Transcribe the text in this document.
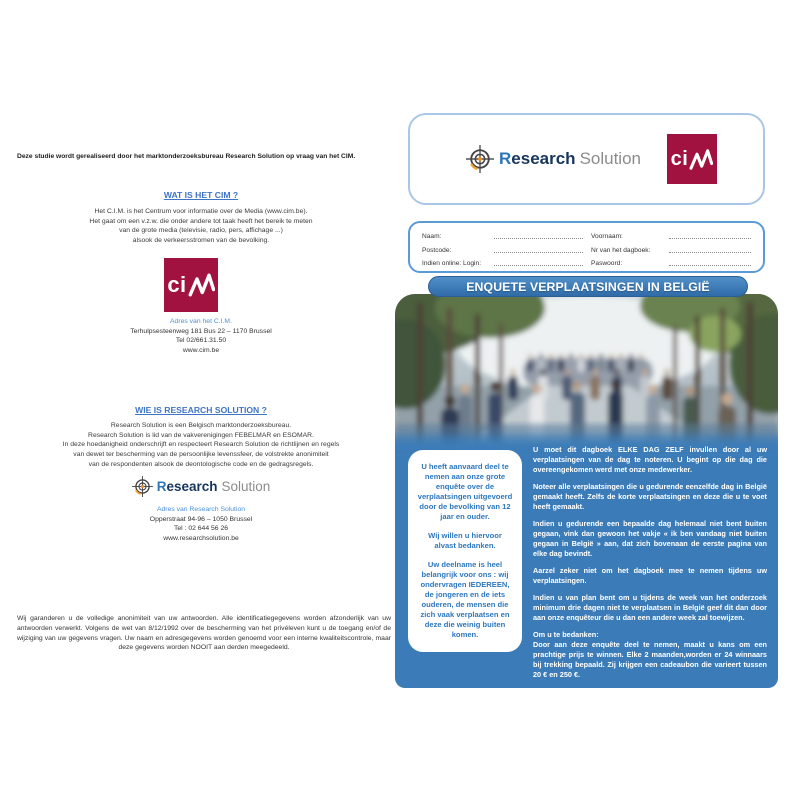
Deze studie wordt gerealiseerd door het marktonderzoeksbureau Research Solution op vraag van het CIM.

WAT IS HET CIM ?
Het C.I.M. is het Centrum voor informatie over de Media (www.cim.be).
Het gaat om een v.z.w. die onder andere tot taak heeft het bereik te meten
van de grote media (televisie, radio, pers, affichage ...)
alsook de verkeersstromen van de bevolking.
ci
Adres van het C.I.M.
Terhulpsesteenweg 181 Bus 22 – 1170 Brussel
Tel 02/661.31.50
www.cim.be
WIE IS RESEARCH SOLUTION ?
Research Solution is een Belgisch marktonderzoeksbureau.
Research Solution is lid van de vakverenigingen FEBELMAR en ESOMAR.
In deze hoedanigheid onderschrijft en respecteert Research Solution de richtlijnen en regels
van dewet ter bescherming van de persoonlijke levenssfeer, de volstrekte anonimiteit
van de respondenten alsook de deontologische code en de gedragsregels.
R esearch Solution
Adres van Research Solution
Opperstraat 94-96 – 1050 Brussel
Tel : 02 644 56 26
www.researchsolution.be

Wij garanderen u de volledige anonimiteit van uw antwoorden. Alle identificatiegegevens worden afzonderlijk van uw antwoorden verwerkt. Volgens de wet van 8/12/1992 over de bescherming van het privéleven kunt u de toegang en/of de wijziging van uw gegevens vragen. Uw naam en adresgegevens worden genoemd voor een interne kwaliteitscontrole, maar deze gegevens worden NOOIT aan derden meegedeeld.

R esearch Solution ci
Naam:	Voornaam:
Postcode:	Nr van het dagboek:
Indien online: Login:	Paswoord:
ENQUETE VERPLAATSINGEN IN BELGIË

U heeft aanvaard deel te nemen aan onze grote enquête over de verplaatsingen uitgevoerd door de bevolking van 12 jaar en ouder.

Wij willen u hiervoor alvast bedanken.

Uw deelname is heel belangrijk voor ons : wij ondervragen IEDEREEN, de jongeren en de iets ouderen, de mensen die zich vaak verplaatsen en deze die weinig buiten komen.

U moet dit dagboek ELKE DAG ZELF invullen door al uw verplaatsingen van de dag te noteren. U begint op die dag die overeengekomen werd met onze medewerker.

Noteer alle verplaatsingen die u gedurende eenzelfde dag in België gemaakt heeft. Zelfs de korte verplaatsingen en deze die u te voet heeft gemaakt.

Indien u gedurende een bepaalde dag helemaal niet bent buiten gegaan, vink dan gewoon het vakje « ik ben vandaag niet buiten gegaan in België » aan, dat zich bovenaan de eerste pagina van elke dag bevindt.

Aarzel zeker niet om het dagboek mee te nemen tijdens uw verplaatsingen.

Indien u van plan bent om u tijdens de week van het onderzoek minimum drie dagen niet te verplaatsen in België geef dit dan door aan onze enquêteur die u dan een andere week zal toewijzen.

Om u te bedanken:

Door aan deze enquête deel te nemen, maakt u kans om een prachtige prijs te winnen. Elke 2 maanden,worden er 24 winnaars bij trekking bepaald. Zij krijgen een cadeaubon die varieert tussen 20 € en 250 €.
